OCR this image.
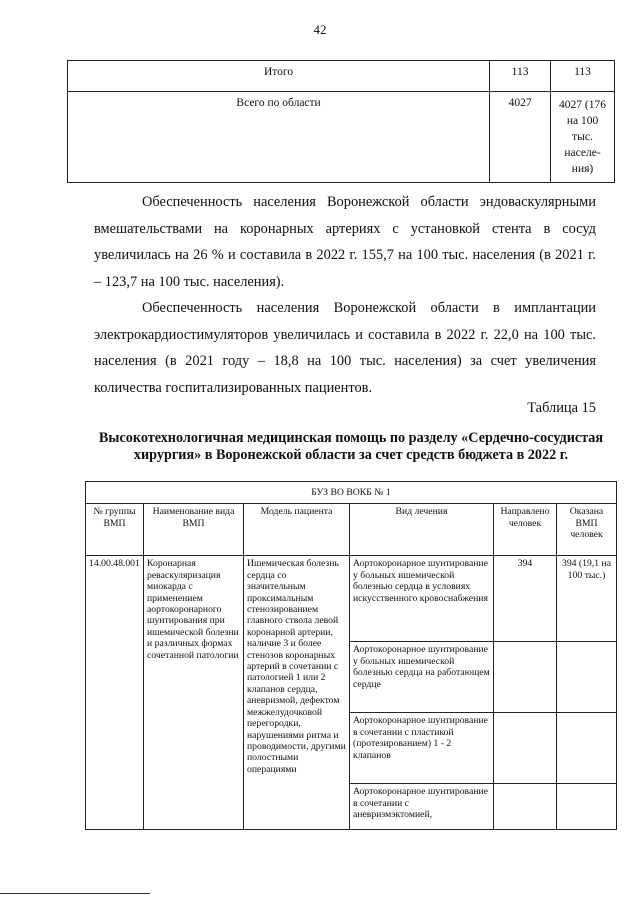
42
Итого	113	113
Всего по области	4027	4027 (176 на 100 тыс. населе-ния)

Обеспеченность населения Воронежской области эндоваскулярными вмешательствами на коронарных артериях с установкой стента в сосуд увеличилась на 26 % и составила в 2022 г. 155,7 на 100 тыс. населения (в 2021 г. – 123,7 на 100 тыс. населения).

Обеспеченность населения Воронежской области в имплантации электрокардиостимуляторов увеличилась и составила в 2022 г. 22,0 на 100 тыс. населения (в 2021 году – 18,8 на 100 тыс. населения) за счет увеличения количества госпитализированных пациентов.

Таблица 15
Высокотехнологичная медицинская помощь по разделу «Сердечно-сосудистая хирургия» в Воронежской области за счет средств бюджета в 2022 г.
БУЗ ВО ВОКБ № 1					
№ группы ВМП	Наименование вида ВМП	Модель пациента	Вид лечения	Направлено человек	Оказана ВМП человек
14.00.48.001	Коронарная реваскуляризация миокарда с применением аортокоронарного шунтирования при ишемической болезни и различных формах сочетанной патологии	Ишемическая болезнь сердца со значительным проксимальным стенозированием главного ствола левой коронарной артерии, наличие 3 и более стенозов коронарных артерий в сочетании с патологией 1 или 2 клапанов сердца, аневризмой, дефектом межжелудочковой перегородки, нарушениями ритма и проводимости, другими полостными операциями	Аортокоронарное шунтирование у больных ишемической болезнью сердца в условиях искусственного кровоснабжения	394	394 (19,1 на 100 тыс.)
			Аортокоронарное шунтирование у больных ишемической болезнью сердца на работающем сердце		
			Аортокоронарное шунтирование в сочетании с пластикой (протезированием) 1 - 2 клапанов		
			Аортокоронарное шунтирование в сочетании с аневризмэктомией,		
